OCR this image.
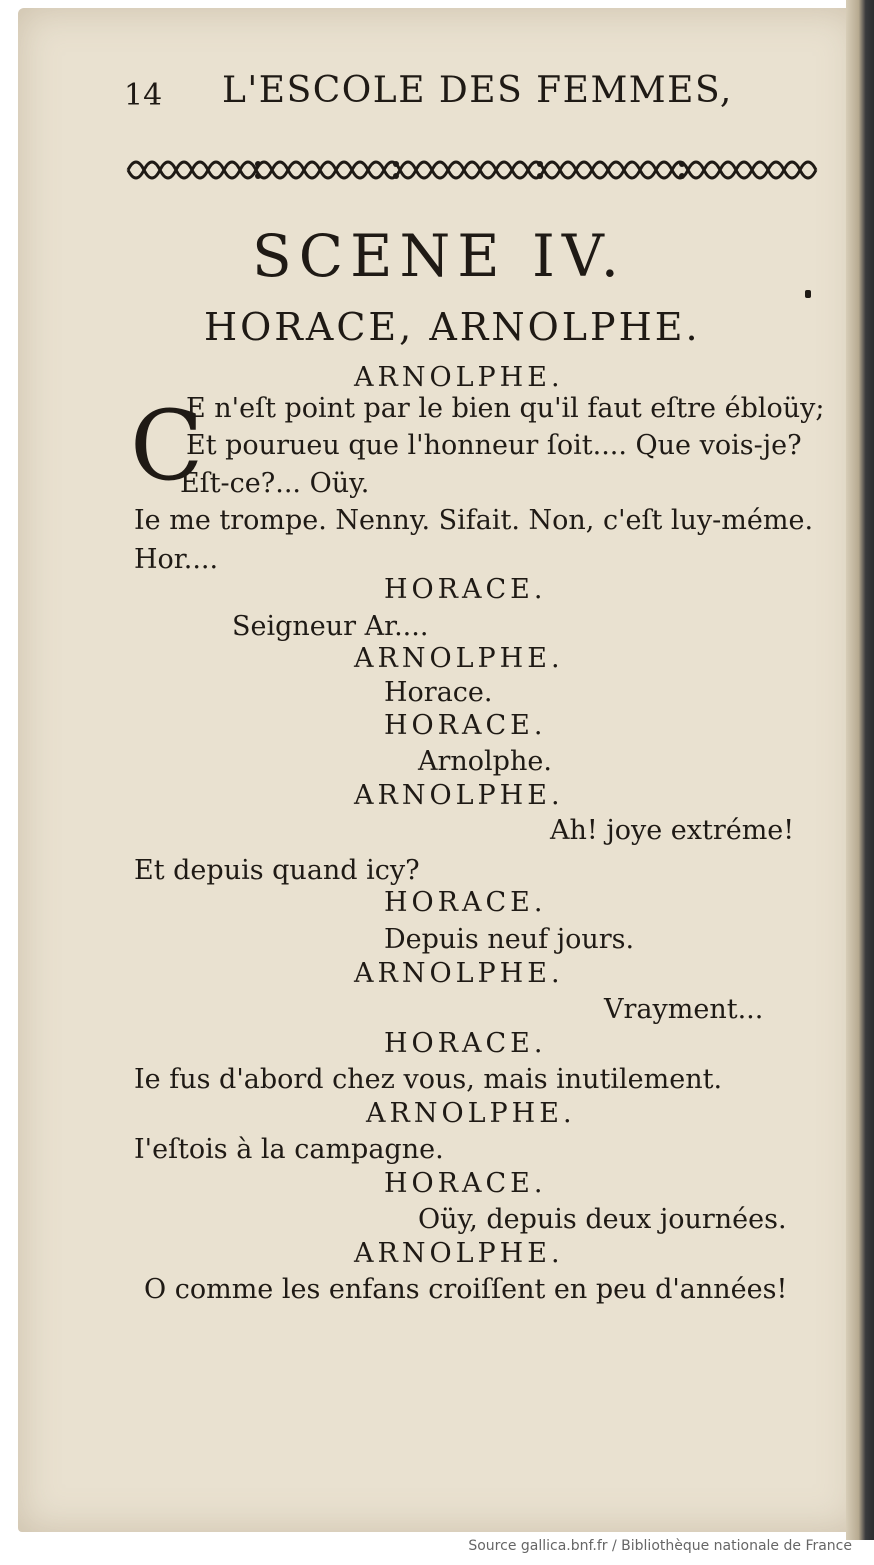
14 L'ESCOLE DES FEMMES,
SCENE IV.
HORACE, ARNOLPHE.
C
ARNOLPHE.
E n'eſt point par le bien qu'il faut eſtre ébloüy;
Et pourueu que l'honneur ſoit.... Que vois-je?
Eſt-ce?... Oüy.
Ie me trompe. Nenny. Sifait. Non, c'eſt luy-méme.
Hor....
HORACE.
Seigneur Ar....
ARNOLPHE.
Horace.
HORACE.
Arnolphe.
ARNOLPHE.
Ah! joye extréme!
Et depuis quand icy?
HORACE.
Depuis neuf jours.
ARNOLPHE.
Vrayment...
HORACE.
Ie fus d'abord chez vous, mais inutilement.
ARNOLPHE.
I'eſtois à la campagne.
HORACE.
Oüy, depuis deux journées.
ARNOLPHE.
O comme les enfans croiſſent en peu d'années!
Source gallica.bnf.fr / Bibliothèque nationale de France
